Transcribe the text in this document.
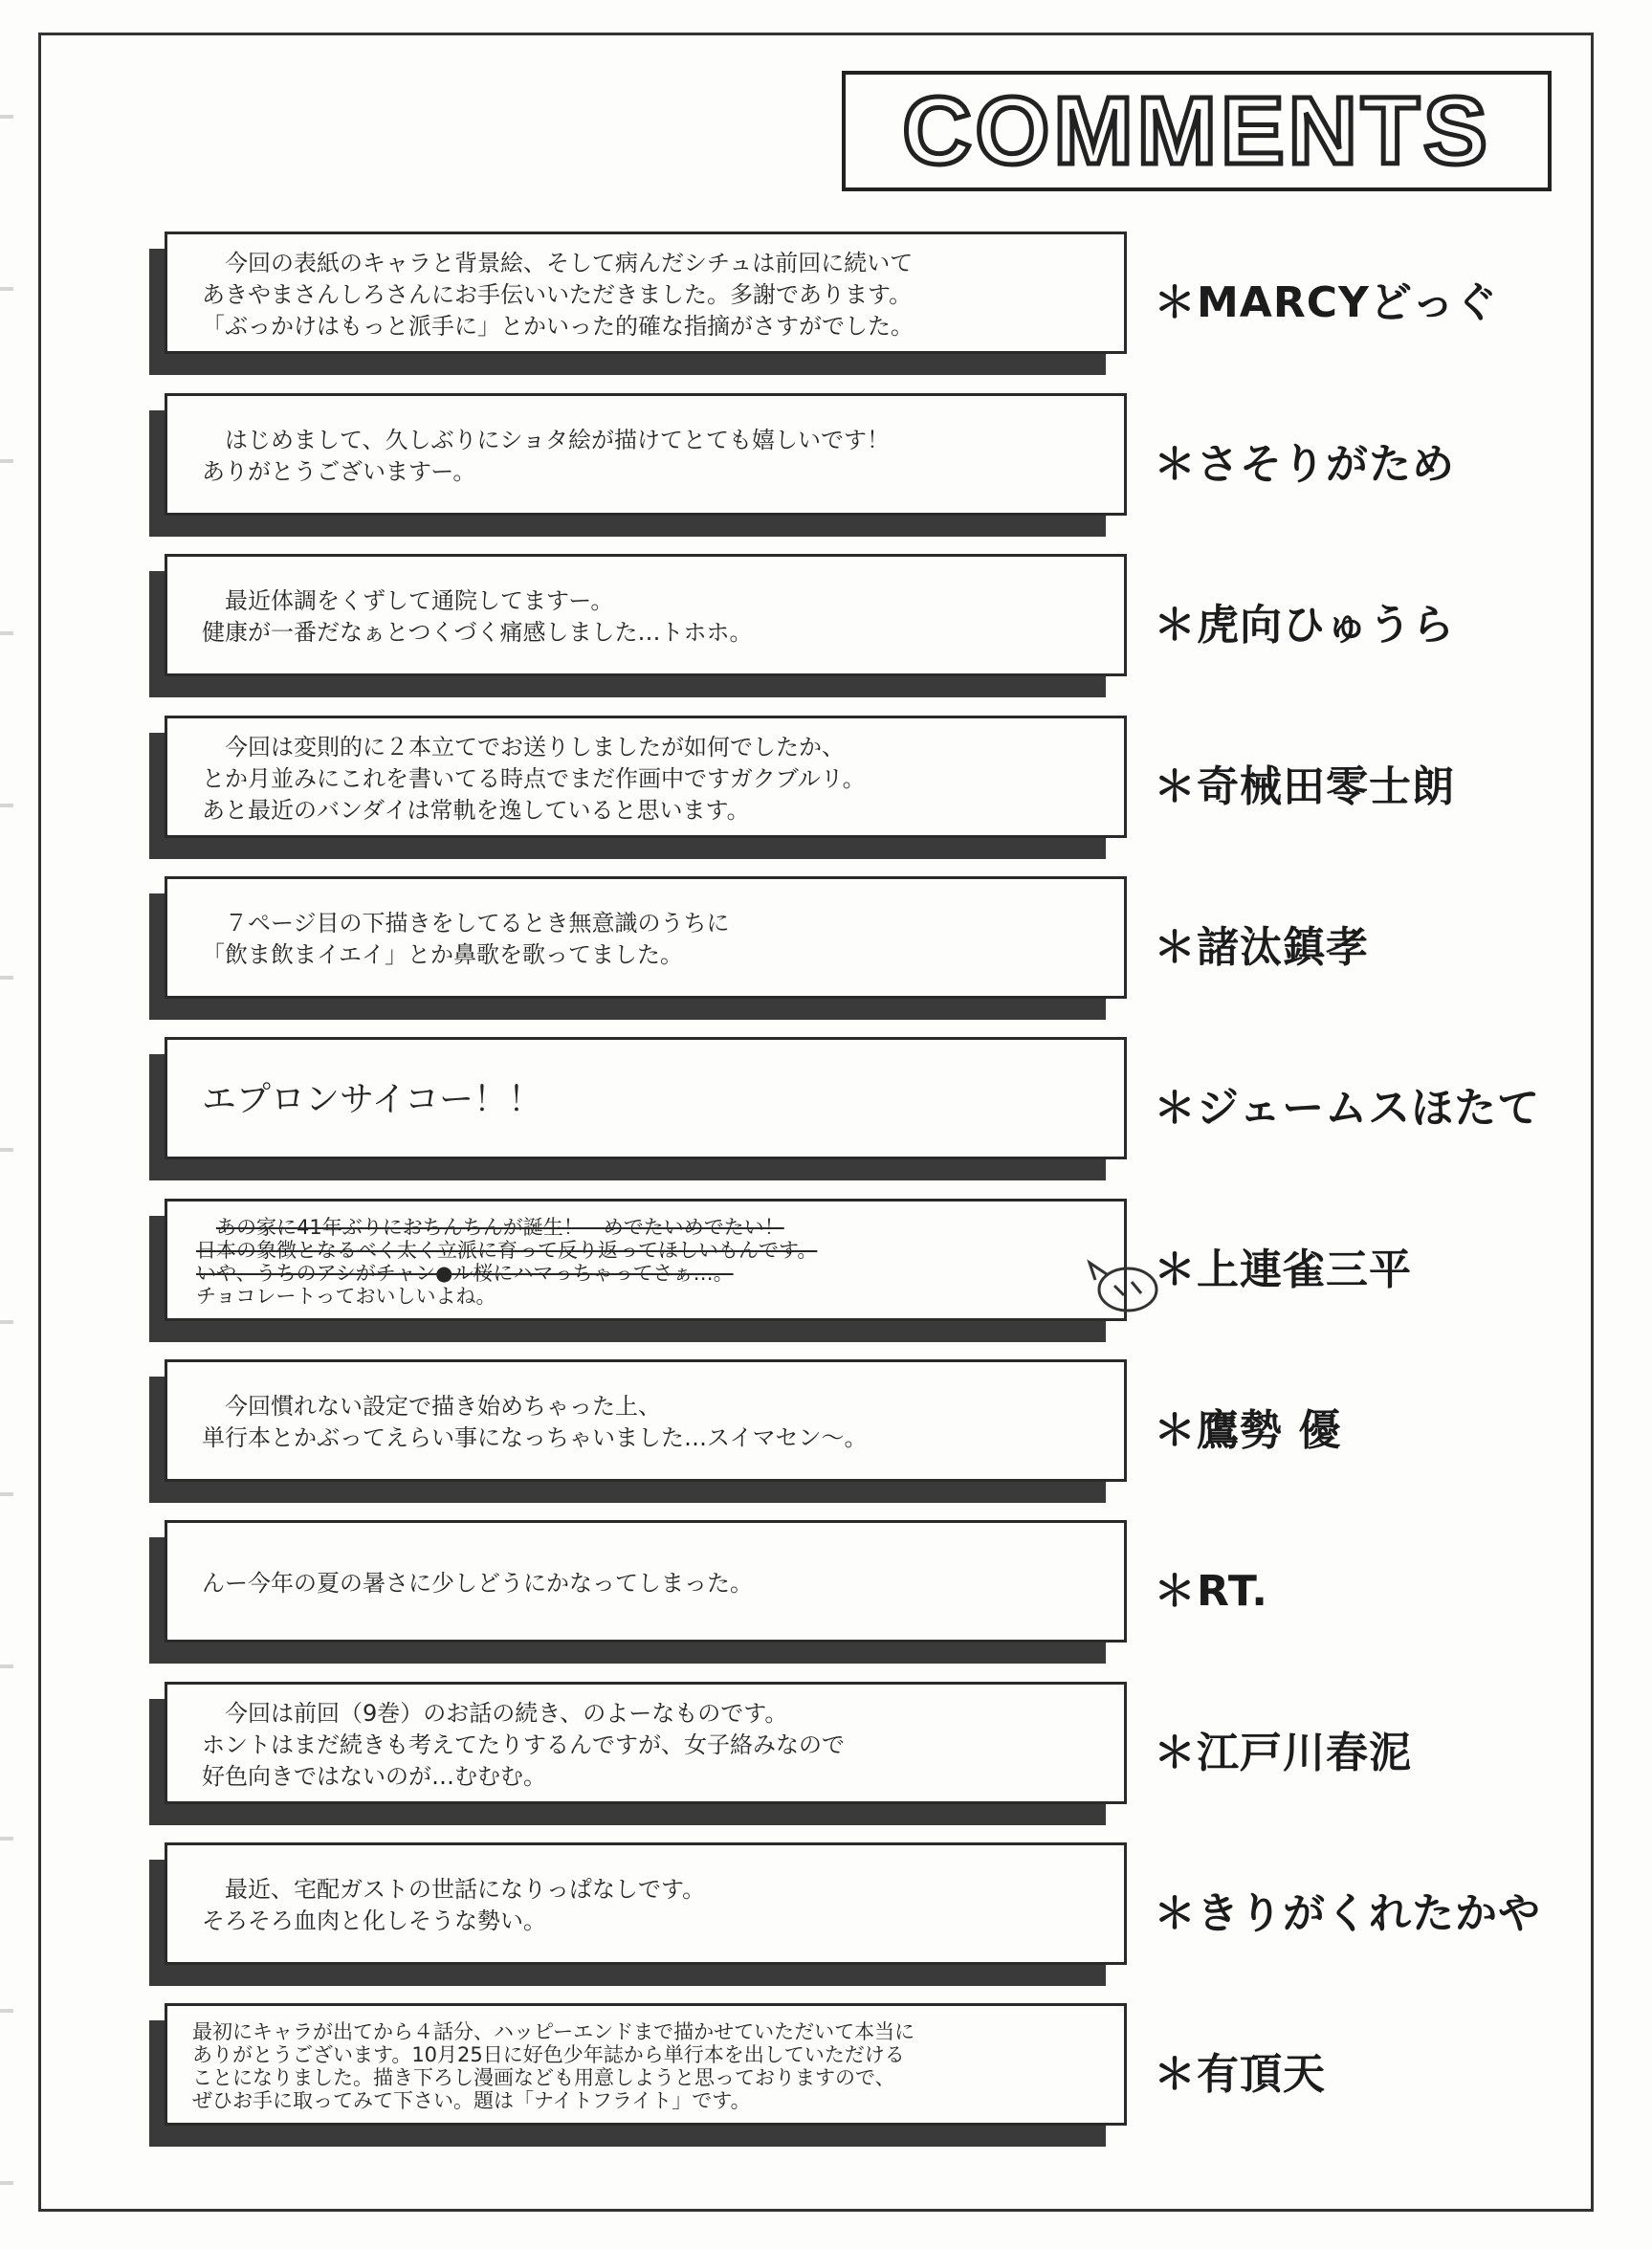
COMMENTS
今回の表紙のキャラと背景絵、そして病んだシチュは前回に続いて
あきやまさんしろさんにお手伝いいただきました。多謝であります。
「ぶっかけはもっと派手に」とかいった的確な指摘がさすがでした。	＊MARCYどっぐ
はじめまして、久しぶりにショタ絵が描けてとても嬉しいです！
ありがとうございますー。	＊さそりがため
最近体調をくずして通院してますー。
健康が一番だなぁとつくづく痛感しました…トホホ。	＊虎向ひゅうら
今回は変則的に２本立てでお送りしましたが如何でしたか、
とか月並みにこれを書いてる時点でまだ作画中ですガクブルリ。
あと最近のバンダイは常軌を逸していると思います。	＊奇械田零士朗
７ページ目の下描きをしてるとき無意識のうちに
「飲ま飲まイエイ」とか鼻歌を歌ってました。	＊諸汰鎮孝
エプロンサイコー！！	＊ジェームスほたて
あの家に41年ぶりにおちんちんが誕生！　めでたいめでたい！
日本の象徴となるべく太く立派に育って反り返ってほしいもんです。
いや、うちのアシがチャン●ル桜にハマっちゃってさぁ…。
チョコレートっておいしいよね。
＊上連雀三平
今回慣れない設定で描き始めちゃった上、
単行本とかぶってえらい事になっちゃいました…スイマセン～。	＊鷹勢 優
んー今年の夏の暑さに少しどうにかなってしまった。	＊RT.
今回は前回（9巻）のお話の続き、のよーなものです。
ホントはまだ続きも考えてたりするんですが、女子絡みなので
好色向きではないのが…むむむ。	＊江戸川春泥
最近、宅配ガストの世話になりっぱなしです。
そろそろ血肉と化しそうな勢い。	＊きりがくれたかや
最初にキャラが出てから４話分、ハッピーエンドまで描かせていただいて本当に
ありがとうございます。10月25日に好色少年誌から単行本を出していただける
ことになりました。描き下ろし漫画なども用意しようと思っておりますので、
ぜひお手に取ってみて下さい。題は「ナイトフライト」です。
＊有頂天
